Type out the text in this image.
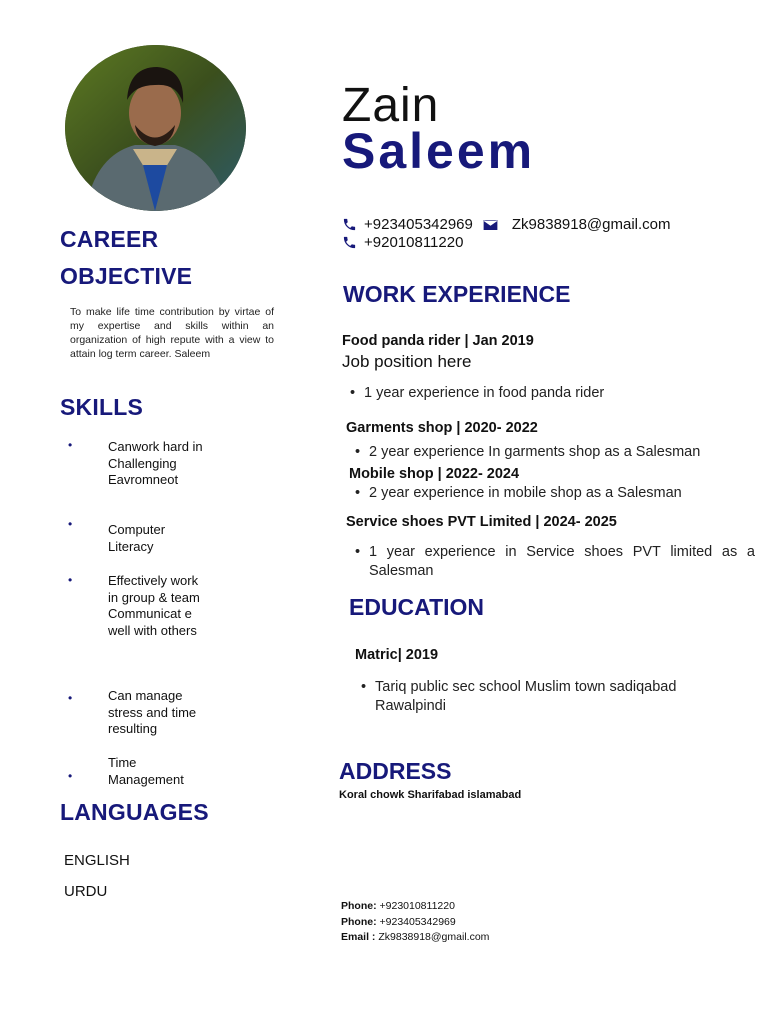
CAREER

OBJECTIVE

To make life time contribution by virtae of my expertise and skills within an organization of high repute with a view to attain log term career. Saleem

SKILLS

•	Canwork hard in Challenging Eavromneot
•	Computer Literacy
•	Effectively work in group & team Communicat e well with others
•	Can manage stress and time resulting
•
Time Management

LANGUAGES

ENGLISH
URDU
Zain
Saleem
+923405342969	Zk9838918@gmail.com
+92010811220

WORK EXPERIENCE

Food panda rider | Jan 2019
Job position here
• 1 year experience in food panda rider
Garments shop | 2020- 2022
• 2 year experience In garments shop as a Salesman
Mobile shop | 2022- 2024
• 2 year experience in mobile shop as a Salesman
Service shoes PVT Limited | 2024- 2025
• 1 year experience in Service shoes PVT limited as a Salesman

EDUCATION

Matric| 2019
• Tariq public sec school Muslim town sadiqabad Rawalpindi

ADDRESS

Koral chowk Sharifabad islamabad
Phone: +923010811220
Phone: +923405342969
Email : Zk9838918@gmail.com
